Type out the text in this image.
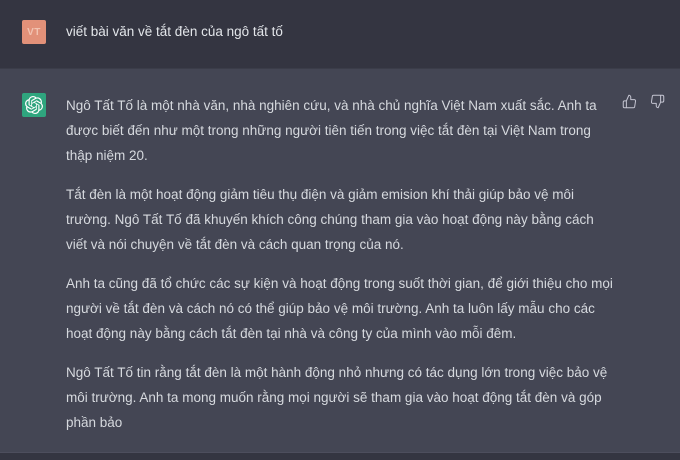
VT	viết bài văn về tắt đèn của ngô tất tố

Ngô Tất Tố là một nhà văn, nhà nghiên cứu, và nhà chủ nghĩa Việt Nam xuất sắc. Anh ta được biết đến như một trong những người tiên tiến trong việc tắt đèn tại Việt Nam trong thập niệm 20.

Tắt đèn là một hoạt động giảm tiêu thụ điện và giảm emision khí thải giúp bảo vệ môi trường. Ngô Tất Tố đã khuyến khích công chúng tham gia vào hoạt động này bằng cách viết và nói chuyện về tắt đèn và cách quan trọng của nó.

Anh ta cũng đã tổ chức các sự kiện và hoạt động trong suốt thời gian, để giới thiệu cho mọi người về tắt đèn và cách nó có thể giúp bảo vệ môi trường. Anh ta luôn lấy mẫu cho các hoạt động này bằng cách tắt đèn tại nhà và công ty của mình vào mỗi đêm.

Ngô Tất Tố tin rằng tắt đèn là một hành động nhỏ nhưng có tác dụng lớn trong việc bảo vệ môi trường. Anh ta mong muốn rằng mọi người sẽ tham gia vào hoạt động tắt đèn và góp phần bảo
